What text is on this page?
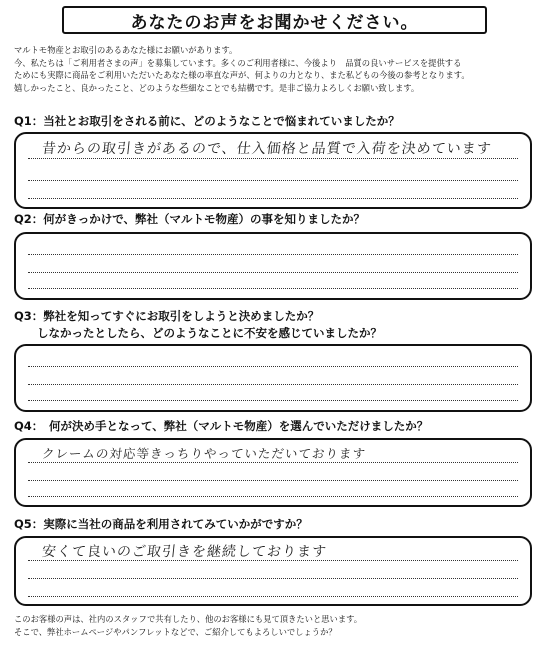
あなたのお声をお聞かせください。
マルトモ物産とお取引のあるあなた様にお願いがあります。
今、私たちは「ご利用者さまの声」を募集しています。多くのご利用者様に、今後より　品質の良いサービスを提供する
ためにも実際に商品をご利用いただいたあなた様の率直な声が、何よりの力となり、また私どもの今後の参考となります。
嬉しかったこと、良かったこと、どのような些細なことでも結構です。是非ご協力よろしくお願い致します。
Q1：当社とお取引をされる前に、どのようなことで悩まれていましたか？
昔からの取引きがあるので、仕入価格と品質で入荷を決めています
Q2：何がきっかけで、弊社（マルトモ物産）の事を知りましたか？
Q3：弊社を知ってすぐにお取引をしようと決めましたか？
　　しなかったとしたら、どのようなことに不安を感じていましたか？
Q4：　何が決め手となって、弊社（マルトモ物産）を選んでいただけましたか？
クレームの対応等きっちりやっていただいております
Q5：実際に当社の商品を利用されてみていかがですか？
安くて良いのご取引きを継続しております
このお客様の声は、社内のスタッフで共有したり、他のお客様にも見て頂きたいと思います。
そこで、弊社ホームページやパンフレットなどで、ご紹介してもよろしいでしょうか？
